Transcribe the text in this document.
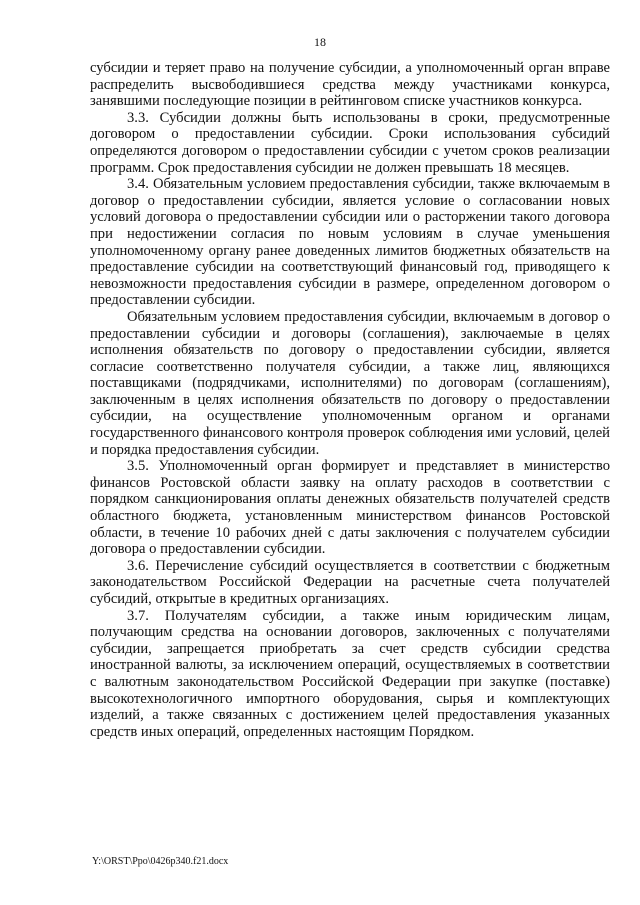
18

субсидии и теряет право на получение субсидии, а уполномоченный орган вправе распределить высвободившиеся средства между участниками конкурса, занявшими последующие позиции в рейтинговом списке участников конкурса.

3.3. Субсидии должны быть использованы в сроки, предусмотренные договором о предоставлении субсидии. Сроки использования субсидий определяются договором о предоставлении субсидии с учетом сроков реализации программ. Срок предоставления субсидии не должен превышать 18 месяцев.

3.4. Обязательным условием предоставления субсидии, также включаемым в договор о предоставлении субсидии, является условие о согласовании новых условий договора о предоставлении субсидии или о расторжении такого договора при недостижении согласия по новым условиям в случае уменьшения уполномоченному органу ранее доведенных лимитов бюджетных обязательств на предоставление субсидии на соответствующий финансовый год, приводящего к невозможности предоставления субсидии в размере, определенном договором о предоставлении субсидии.

Обязательным условием предоставления субсидии, включаемым в договор о предоставлении субсидии и договоры (соглашения), заключаемые в целях исполнения обязательств по договору о предоставлении субсидии, является согласие соответственно получателя субсидии, а также лиц, являющихся поставщиками (подрядчиками, исполнителями) по договорам (соглашениям), заключенным в целях исполнения обязательств по договору о предоставлении субсидии, на осуществление уполномоченным органом и органами государственного финансового контроля проверок соблюдения ими условий, целей и порядка предоставления субсидии.

3.5. Уполномоченный орган формирует и представляет в министерство финансов Ростовской области заявку на оплату расходов в соответствии с порядком санкционирования оплаты денежных обязательств получателей средств областного бюджета, установленным министерством финансов Ростовской области, в течение 10 рабочих дней с даты заключения с получателем субсидии договора о предоставлении субсидии.

3.6. Перечисление субсидий осуществляется в соответствии с бюджетным законодательством Российской Федерации на расчетные счета получателей субсидий, открытые в кредитных организациях.

3.7. Получателям субсидии, а также иным юридическим лицам, получающим средства на основании договоров, заключенных с получателями субсидии, запрещается приобретать за счет средств субсидии средства иностранной валюты, за исключением операций, осуществляемых в соответствии с валютным законодательством Российской Федерации при закупке (поставке) высокотехнологичного импортного оборудования, сырья и комплектующих изделий, а также связанных с достижением целей предоставления указанных средств иных операций, определенных настоящим Порядком.

Y:\ORST\Ppo\0426p340.f21.docx
